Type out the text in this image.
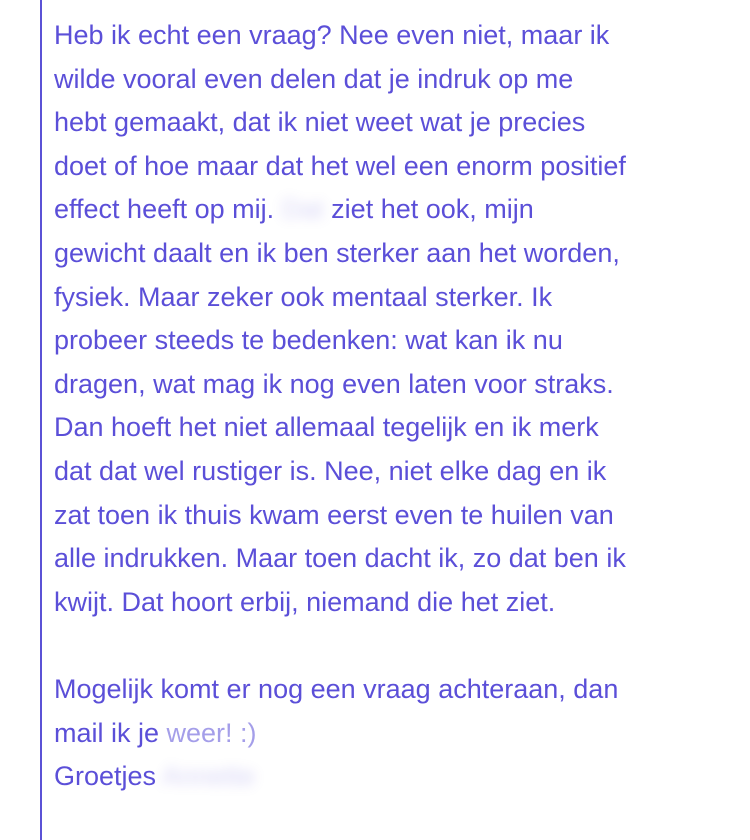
Heb ik echt een vraag? Nee even niet, maar ik
wilde vooral even delen dat je indruk op me
hebt gemaakt, dat ik niet weet wat je precies
doet of hoe maar dat het wel een enorm positief
effect heeft op mij. Dat ziet het ook, mijn
gewicht daalt en ik ben sterker aan het worden,
fysiek. Maar zeker ook mentaal sterker. Ik
probeer steeds te bedenken: wat kan ik nu
dragen, wat mag ik nog even laten voor straks.
Dan hoeft het niet allemaal tegelijk en ik merk
dat dat wel rustiger is. Nee, niet elke dag en ik
zat toen ik thuis kwam eerst even te huilen van
alle indrukken. Maar toen dacht ik, zo dat ben ik
kwijt. Dat hoort erbij, niemand die het ziet.

Mogelijk komt er nog een vraag achteraan, dan
mail ik je weer! :)
Groetjes Annette
